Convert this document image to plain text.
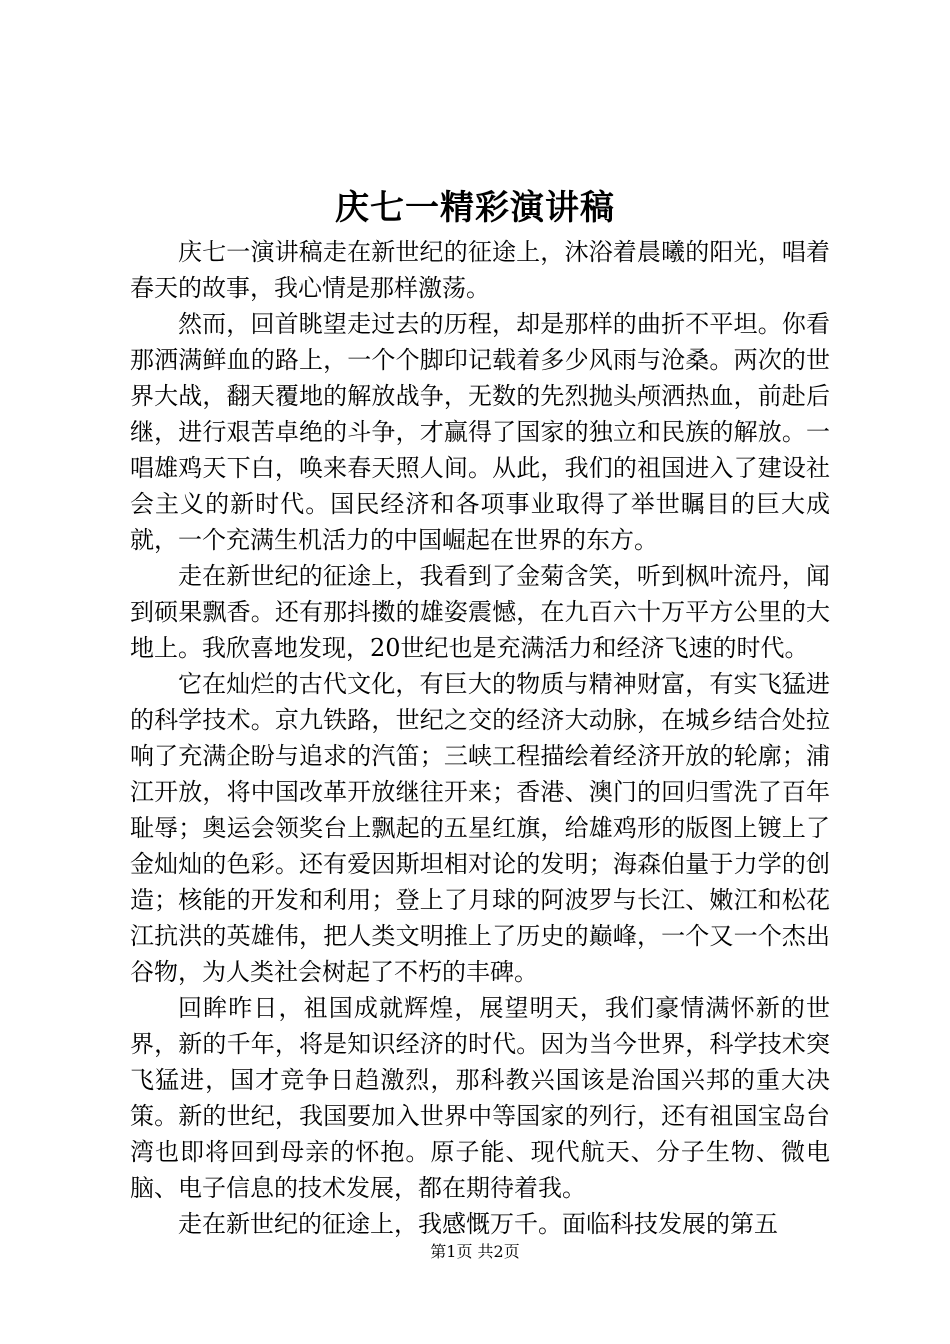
庆七一精彩演讲稿

庆七一演讲稿走在新世纪的征途上，沐浴着晨曦的阳光，唱着春天的故事，我心情是那样激荡。

然而，回首眺望走过去的历程，却是那样的曲折不平坦。你看那洒满鲜血的路上，一个个脚印记载着多少风雨与沧桑。两次的世界大战，翻天覆地的解放战争，无数的先烈抛头颅洒热血，前赴后继，进行艰苦卓绝的斗争，才赢得了国家的独立和民族的解放。一唱雄鸡天下白，唤来春天照人间。从此，我们的祖国进入了建设社会主义的新时代。国民经济和各项事业取得了举世瞩目的巨大成就，一个充满生机活力的中国崛起在世界的东方。

走在新世纪的征途上，我看到了金菊含笑，听到枫叶流丹，闻到硕果飘香。还有那抖擞的雄姿震憾，在九百六十万平方公里的大地上。我欣喜地发现，20世纪也是充满活力和经济飞速的时代。

它在灿烂的古代文化，有巨大的物质与精神财富，有实飞猛进的科学技术。京九铁路，世纪之交的经济大动脉，在城乡结合处拉响了充满企盼与追求的汽笛；三峡工程描绘着经济开放的轮廓；浦江开放，将中国改革开放继往开来；香港、澳门的回归雪洗了百年耻辱；奥运会领奖台上飘起的五星红旗，给雄鸡形的版图上镀上了金灿灿的色彩。还有爱因斯坦相对论的发明；海森伯量于力学的创造；核能的开发和利用；登上了月球的阿波罗与长江、嫩江和松花江抗洪的英雄伟，把人类文明推上了历史的巅峰，一个又一个杰出谷物，为人类社会树起了不朽的丰碑。

回眸昨日，祖国成就辉煌，展望明天，我们豪情满怀新的世界，新的千年，将是知识经济的时代。因为当今世界，科学技术突飞猛进，国才竞争日趋激烈，那科教兴国该是治国兴邦的重大决策。新的世纪，我国要加入世界中等国家的列行，还有祖国宝岛台湾也即将回到母亲的怀抱。原子能、现代航天、分子生物、微电脑、电子信息的技术发展，都在期待着我。

走在新世纪的征途上，我感慨万千。面临科技发展的第五

第1页 共2页
